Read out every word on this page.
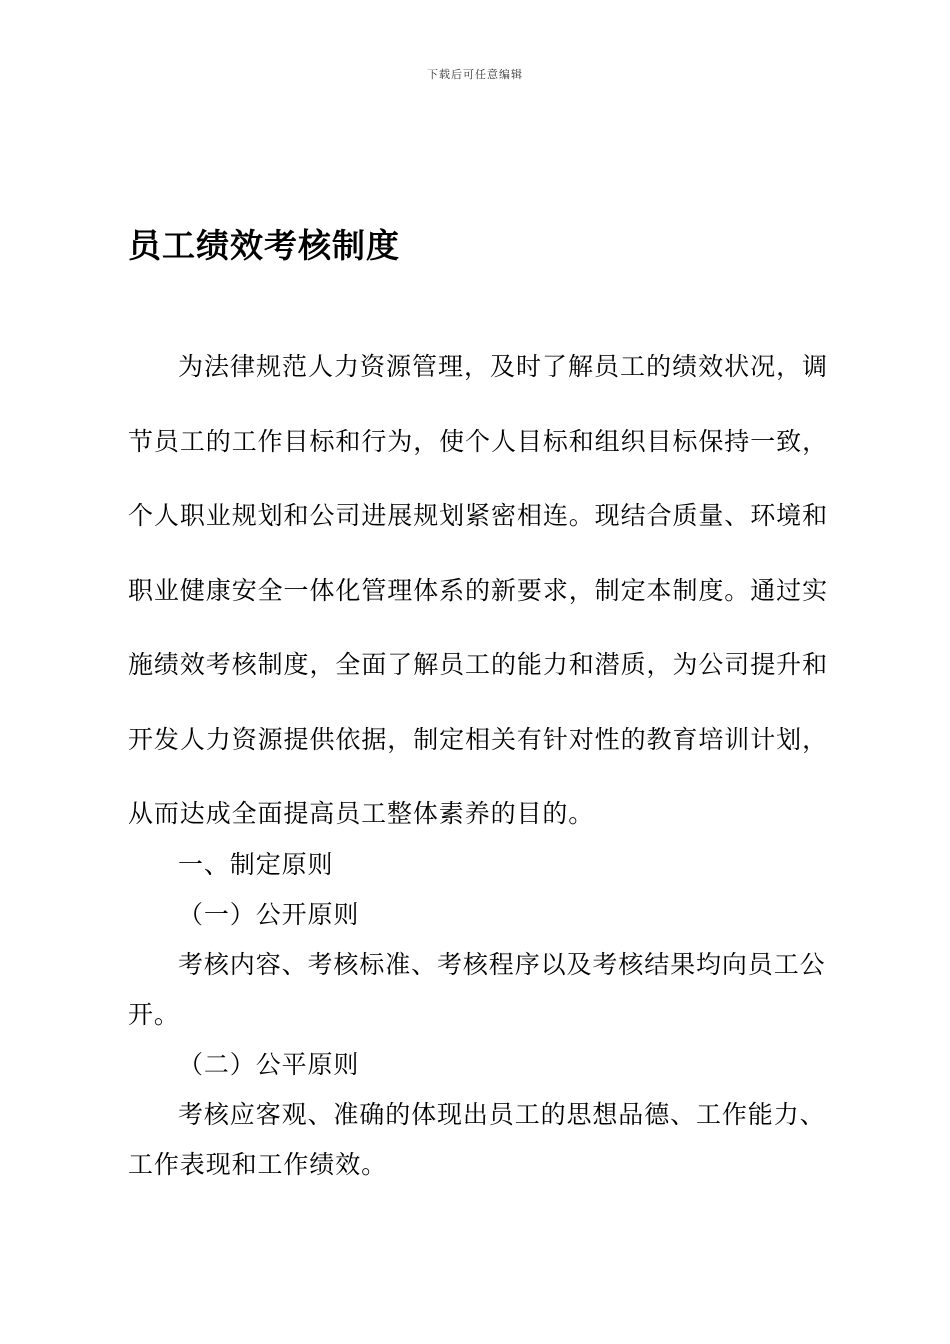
下载后可任意编辑
员工绩效考核制度

为法律规范人力资源管理，及时了解员工的绩效状况，调节员工的工作目标和行为，使个人目标和组织目标保持一致，个人职业规划和公司进展规划紧密相连。现结合质量、环境和职业健康安全一体化管理体系的新要求，制定本制度。通过实施绩效考核制度，全面了解员工的能力和潜质，为公司提升和开发人力资源提供依据，制定相关有针对性的教育培训计划，从而达成全面提高员工整体素养的目的。

一、制定原则

（一）公开原则

考核内容、考核标准、考核程序以及考核结果均向员工公开。

（二）公平原则

考核应客观、准确的体现出员工的思想品德、工作能力、工作表现和工作绩效。
